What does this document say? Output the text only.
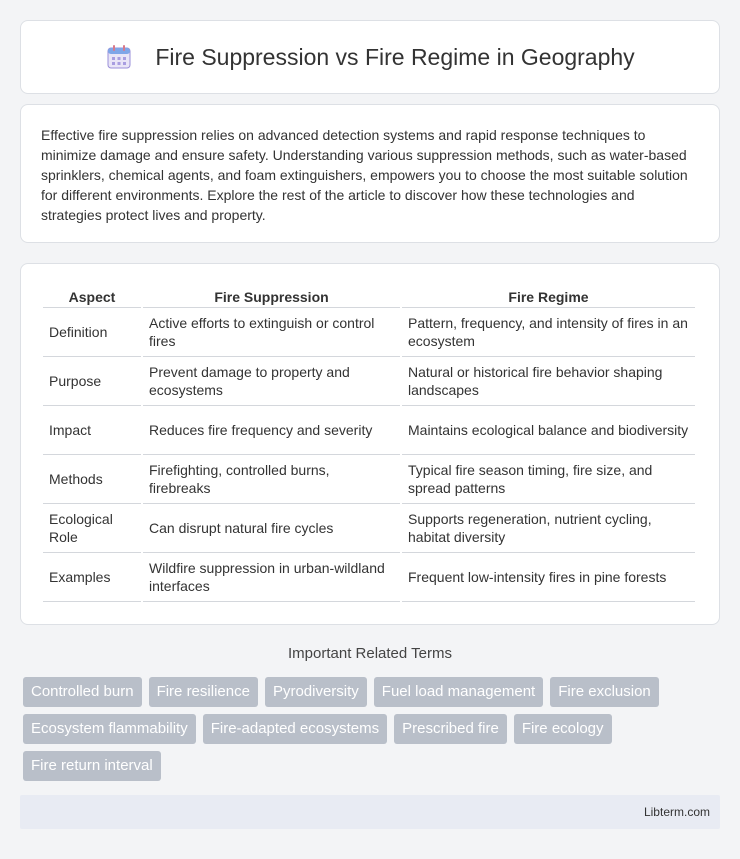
Fire Suppression vs Fire Regime in Geography

Effective fire suppression relies on advanced detection systems and rapid response techniques to minimize damage and ensure safety. Understanding various suppression methods, such as water-based sprinklers, chemical agents, and foam extinguishers, empowers you to choose the most suitable solution for different environments. Explore the rest of the article to discover how these technologies and strategies protect lives and property.

Aspect	Fire Suppression	Fire Regime
Definition	Active efforts to extinguish or control fires	Pattern, frequency, and intensity of fires in an ecosystem
Purpose	Prevent damage to property and ecosystems	Natural or historical fire behavior shaping landscapes
Impact	Reduces fire frequency and severity	Maintains ecological balance and biodiversity
Methods	Firefighting, controlled burns, firebreaks	Typical fire season timing, fire size, and spread patterns
Ecological Role	Can disrupt natural fire cycles	Supports regeneration, nutrient cycling, habitat diversity
Examples	Wildfire suppression in urban-wildland interfaces	Frequent low-intensity fires in pine forests
Important Related Terms
Controlled burn	Fire resilience	Pyrodiversity	Fuel load management	Fire exclusion
Ecosystem flammability	Fire-adapted ecosystems	Prescribed fire	Fire ecology
Fire return interval
Libterm.com
